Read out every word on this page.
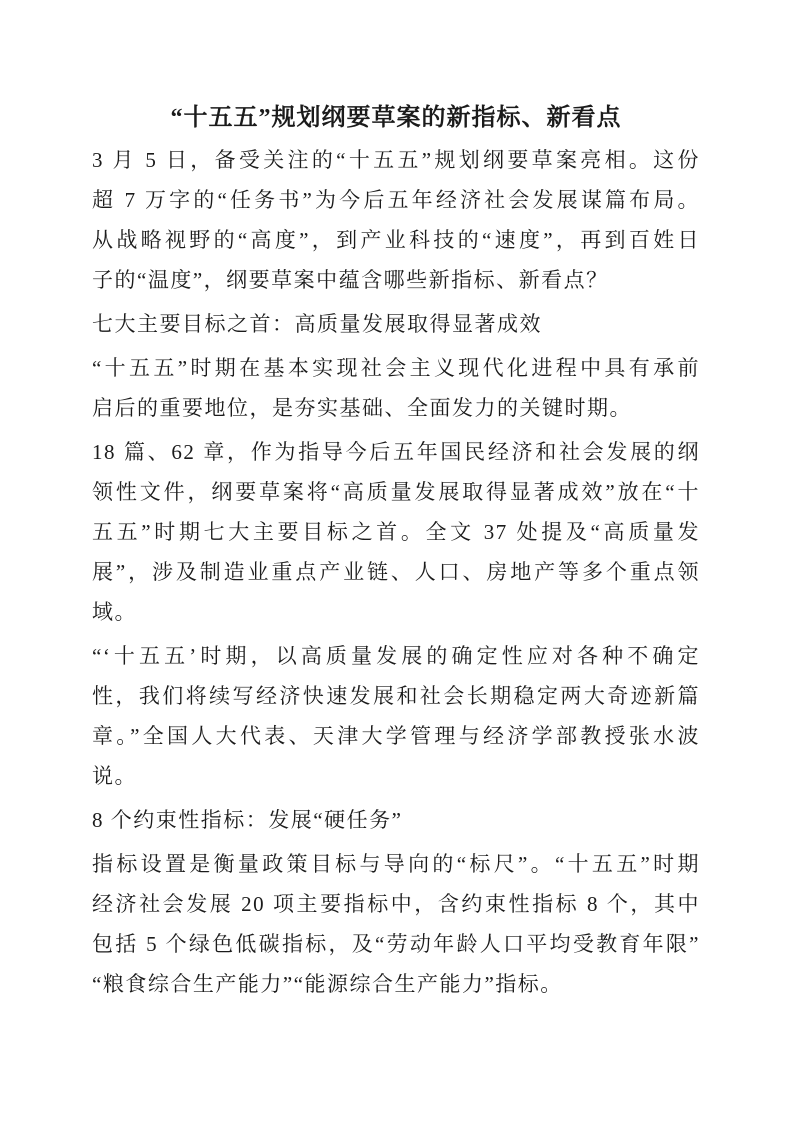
“十五五”规划纲要草案的新指标、新看点
3 月 5 日，备受关注的“十五五”规划纲要草案亮相。这份
超 7 万字的“任务书”为今后五年经济社会发展谋篇布局。
从战略视野的“高度”，到产业科技的“速度”，再到百姓日
子的“温度”，纲要草案中蕴含哪些新指标、新看点？
七大主要目标之首：高质量发展取得显著成效
“十五五”时期在基本实现社会主义现代化进程中具有承前
启后的重要地位，是夯实基础、全面发力的关键时期。
18 篇、62 章，作为指导今后五年国民经济和社会发展的纲
领性文件，纲要草案将“高质量发展取得显著成效”放在“十
五五”时期七大主要目标之首。全文 37 处提及“高质量发
展”，涉及制造业重点产业链、人口、房地产等多个重点领
域。
“‘十五五’时期，以高质量发展的确定性应对各种不确定
性，我们将续写经济快速发展和社会长期稳定两大奇迹新篇
章。”全国人大代表、天津大学管理与经济学部教授张水波
说。
8 个约束性指标：发展“硬任务”
指标设置是衡量政策目标与导向的“标尺”。“十五五”时期
经济社会发展 20 项主要指标中，含约束性指标 8 个，其中
包括 5 个绿色低碳指标，及“劳动年龄人口平均受教育年限”
“粮食综合生产能力”“能源综合生产能力”指标。
